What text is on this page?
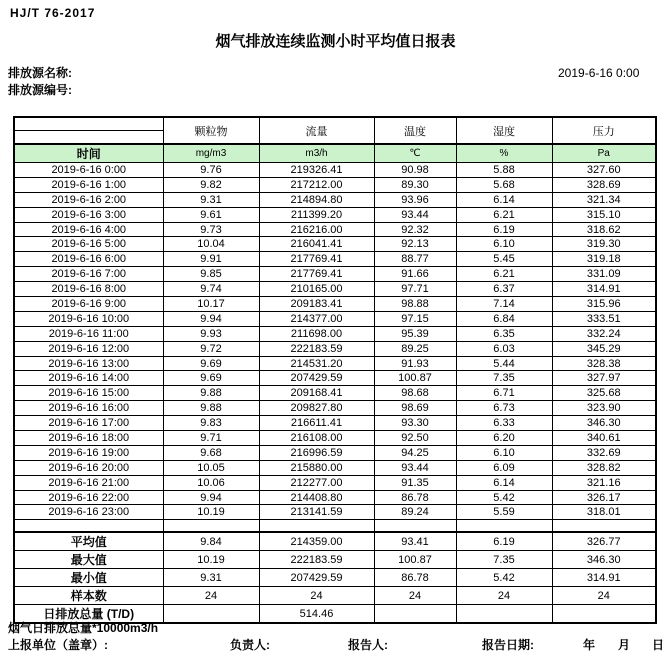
HJ/T 76-2017
烟气排放连续监测小时平均值日报表
排放源名称:	2019-6-16 0:00
排放源编号:
	颗粒物	流量	温度	湿度	压力

时间	mg/m3	m3/h	℃	%	Pa
2019-6-16 0:00	9.76	219326.41	90.98	5.88	327.60
2019-6-16 1:00	9.82	217212.00	89.30	5.68	328.69
2019-6-16 2:00	9.31	214894.80	93.96	6.14	321.34
2019-6-16 3:00	9.61	211399.20	93.44	6.21	315.10
2019-6-16 4:00	9.73	216216.00	92.32	6.19	318.62
2019-6-16 5:00	10.04	216041.41	92.13	6.10	319.30
2019-6-16 6:00	9.91	217769.41	88.77	5.45	319.18
2019-6-16 7:00	9.85	217769.41	91.66	6.21	331.09
2019-6-16 8:00	9.74	210165.00	97.71	6.37	314.91
2019-6-16 9:00	10.17	209183.41	98.88	7.14	315.96
2019-6-16 10:00	9.94	214377.00	97.15	6.84	333.51
2019-6-16 11:00	9.93	211698.00	95.39	6.35	332.24
2019-6-16 12:00	9.72	222183.59	89.25	6.03	345.29
2019-6-16 13:00	9.69	214531.20	91.93	5.44	328.38
2019-6-16 14:00	9.69	207429.59	100.87	7.35	327.97
2019-6-16 15:00	9.88	209168.41	98.68	6.71	325.68
2019-6-16 16:00	9.88	209827.80	98.69	6.73	323.90
2019-6-16 17:00	9.83	216611.41	93.30	6.33	346.30
2019-6-16 18:00	9.71	216108.00	92.50	6.20	340.61
2019-6-16 19:00	9.68	216996.59	94.25	6.10	332.69
2019-6-16 20:00	10.05	215880.00	93.44	6.09	328.82
2019-6-16 21:00	10.06	212277.00	91.35	6.14	321.16
2019-6-16 22:00	9.94	214408.80	86.78	5.42	326.17
2019-6-16 23:00	10.19	213141.59	89.24	5.59	318.01

平均值	9.84	214359.00	93.41	6.19	326.77
最大值	10.19	222183.59	100.87	7.35	346.30
最小值	9.31	207429.59	86.78	5.42	314.91
样本数	24	24	24	24	24
日排放总量 (T/D)		514.46			
烟气日排放总量*10000m3/h
上报单位（盖章）:	负责人:	报告人:	报告日期:	年 月 日
